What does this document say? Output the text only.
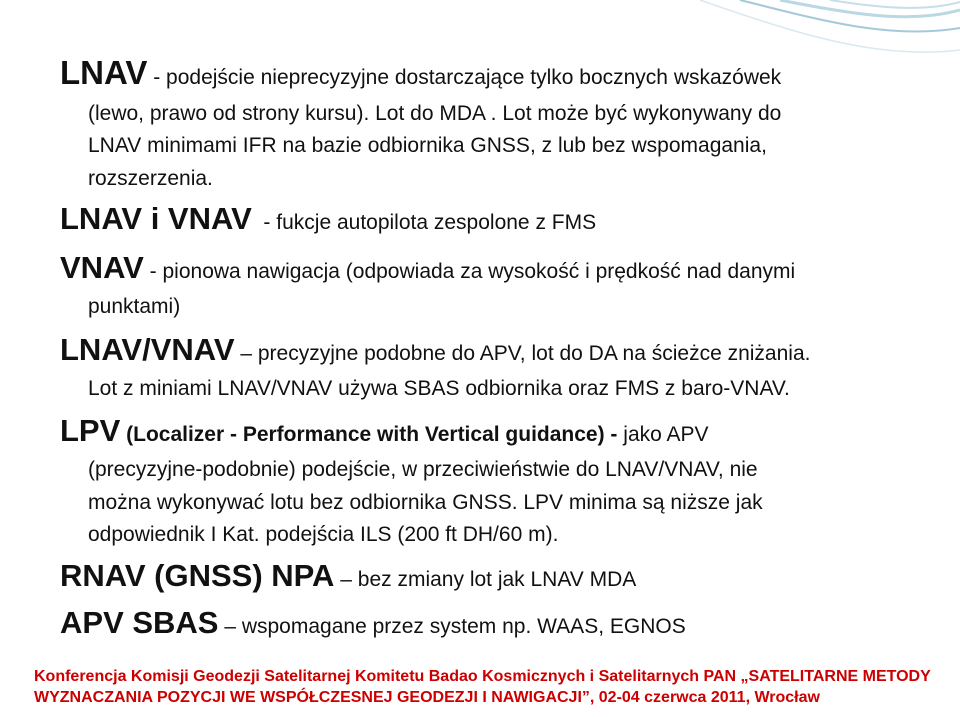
LNAV - podejście nieprecyzyjne dostarczające tylko bocznych wskazówek
(lewo, prawo od strony kursu). Lot do MDA . Lot może być wykonywany do
LNAV minimami IFR na bazie odbiornika GNSS, z lub bez wspomagania,
rozszerzenia.
LNAV i VNAV  - fukcje autopilota zespolone z FMS
VNAV - pionowa nawigacja (odpowiada za wysokość i prędkość nad danymi
punktami)
LNAV/VNAV – precyzyjne podobne do APV, lot do DA na ścieżce zniżania.
Lot z miniami LNAV/VNAV używa SBAS odbiornika oraz FMS z baro-VNAV.
LPV (Localizer - Performance with Vertical guidance) - jako APV
(precyzyjne-podobnie) podejście, w przeciwieństwie do LNAV/VNAV, nie
można wykonywać lotu bez odbiornika GNSS. LPV minima są niższe jak
odpowiednik I Kat. podejścia ILS (200 ft DH/60 m).
RNAV (GNSS) NPA – bez zmiany lot jak LNAV MDA
APV SBAS – wspomagane przez system np. WAAS, EGNOS
Konferencja Komisji Geodezji Satelitarnej Komitetu Badao Kosmicznych i Satelitarnych PAN „SATELITARNE METODY
WYZNACZANIA POZYCJI WE WSPÓŁCZESNEJ GEODEZJI I NAWIGACJI”, 02-04 czerwca 2011, Wrocław
